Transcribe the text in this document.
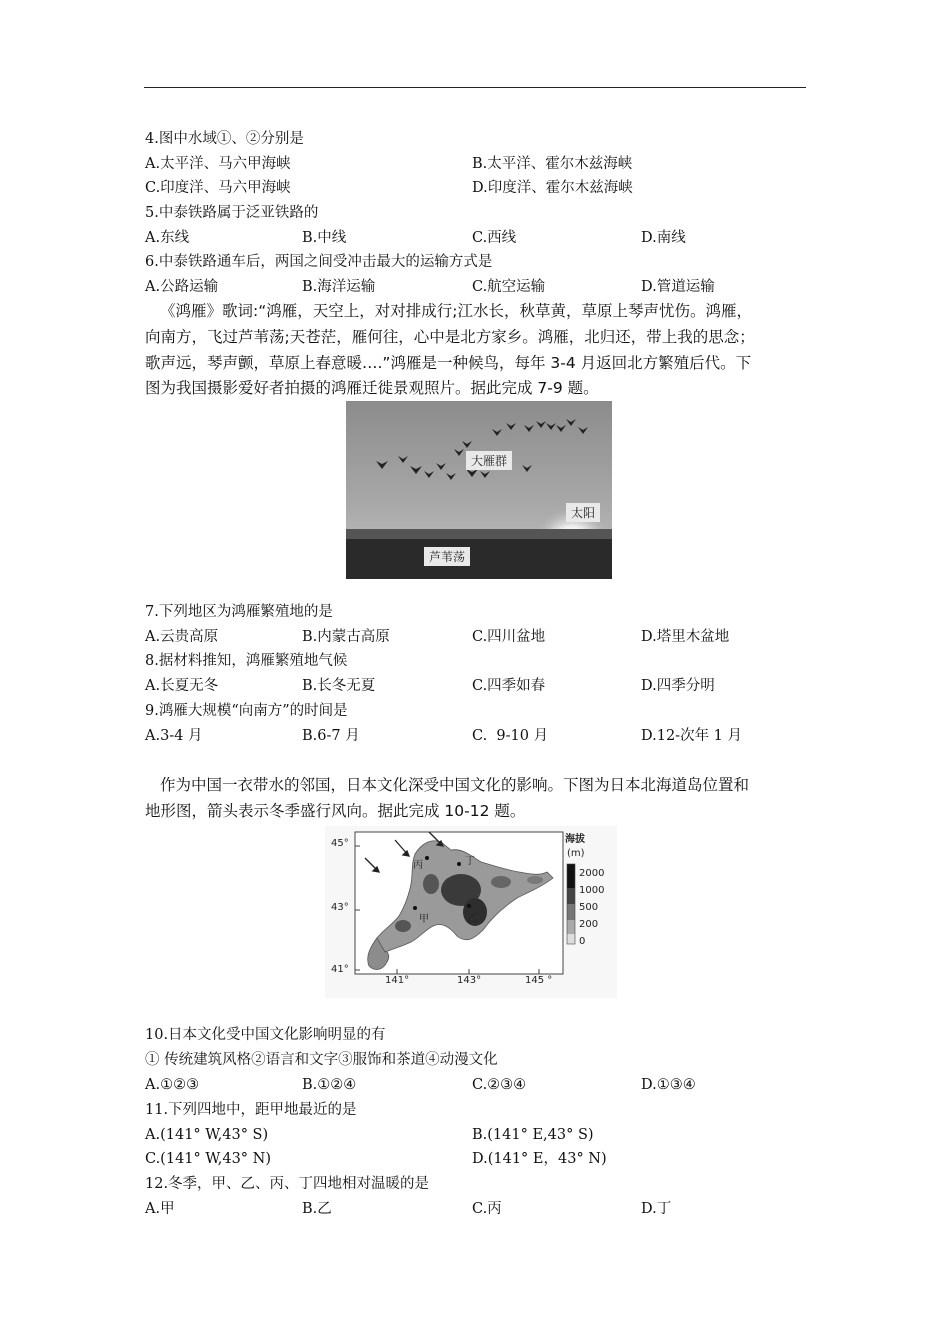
4.图中水域①、②分别是
A.太平洋、马六甲海峡	B.太平洋、霍尔木兹海峡
C.印度洋、马六甲海峡	D.印度洋、霍尔木兹海峡
5.中泰铁路属于泛亚铁路的
A.东线	B.中线	C.西线	D.南线
6.中泰铁路通车后，两国之间受冲击最大的运输方式是
A.公路运输	B.海洋运输	C.航空运输	D.管道运输
《鸿雁》歌词:“鸿雁，天空上，对对排成行;江水长，秋草黄，草原上琴声忧伤。鸿雁，
向南方，飞过芦苇荡;天苍茫，雁何往，心中是北方家乡。鸿雁，北归还，带上我的思念；
歌声远，琴声颤，草原上春意暖….”鸿雁是一种候鸟，每年 3-4 月返回北方繁殖后代。下
图为我国摄影爱好者拍摄的鸿雁迁徙景观照片。据此完成 7-9 题。
大雁群
太阳
芦苇荡
7.下列地区为鸿雁繁殖地的是
A.云贵高原	B.内蒙古高原	C.四川盆地	D.塔里木盆地
8.据材料推知，鸿雁繁殖地气候
A.长夏无冬	B.长冬无夏	C.四季如春	D.四季分明
9.鸿雁大规模“向南方”的时间是
A.3-4 月	B.6-7 月	C.  9-10 月	D.12-次年 1 月
作为中国一衣带水的邻国，日本文化深受中国文化的影响。下图为日本北海道岛位置和
地形图，箭头表示冬季盛行风向。据此完成 10-12 题。
45°
43°
41°
141°	143°	145 °
丙	丁
甲	乙
海拔
(m)
2000
1000
500
200
0
10.日本文化受中国文化影响明显的有
① 传统建筑风格②语言和文字③服饰和茶道④动漫文化
A.①②③	B.①②④	C.②③④	D.①③④
11.下列四地中，距甲地最近的是
A.(141° W,43° S)	B.(141° E,43° S)
C.(141° W,43° N)	D.(141° E，43° N)
12.冬季，甲、乙、丙、丁四地相对温暖的是
A.甲	B.乙	C.丙	D.丁
